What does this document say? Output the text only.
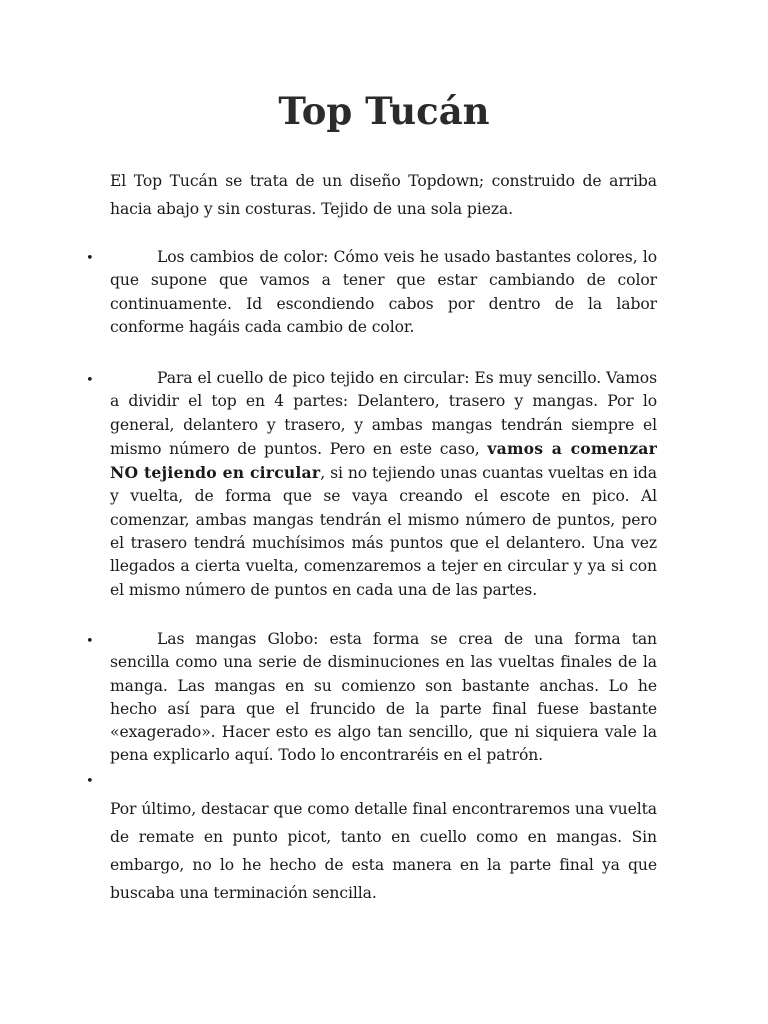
Top Tucán

El Top Tucán se trata de un diseño Topdown; construido de arriba hacia abajo y sin costuras. Tejido de una sola pieza.

•	Los cambios de color: Cómo veis he usado bastantes colores, lo que supone que vamos a tener que estar cambiando de color continuamente. Id escondiendo cabos por dentro de la labor conforme hagáis cada cambio de color.

•	Para el cuello de pico tejido en circular: Es muy sencillo. Vamos a dividir el top en 4 partes: Delantero, trasero y mangas. Por lo general, delantero y trasero, y ambas mangas tendrán siempre el mismo número de puntos. Pero en este caso, vamos a comenzar NO tejiendo en circular, si no tejiendo unas cuantas vueltas en ida y vuelta, de forma que se vaya creando el escote en pico. Al comenzar, ambas mangas tendrán el mismo número de puntos, pero el trasero tendrá muchísimos más puntos que el delantero. Una vez llegados a cierta vuelta, comenzaremos a tejer en circular y ya si con el mismo número de puntos en cada una de las partes.

•	Las mangas Globo: esta forma se crea de una forma tan sencilla como una serie de disminuciones en las vueltas finales de la manga. Las mangas en su comienzo son bastante anchas. Lo he hecho así para que el fruncido de la parte final fuese bastante «exagerado». Hacer esto es algo tan sencillo, que ni siquiera vale la pena explicarlo aquí. Todo lo encontraréis en el patrón.

•

Por último, destacar que como detalle final encontraremos una vuelta de remate en punto picot, tanto en cuello como en mangas. Sin embargo, no lo he hecho de esta manera en la parte final ya que buscaba una terminación sencilla.
